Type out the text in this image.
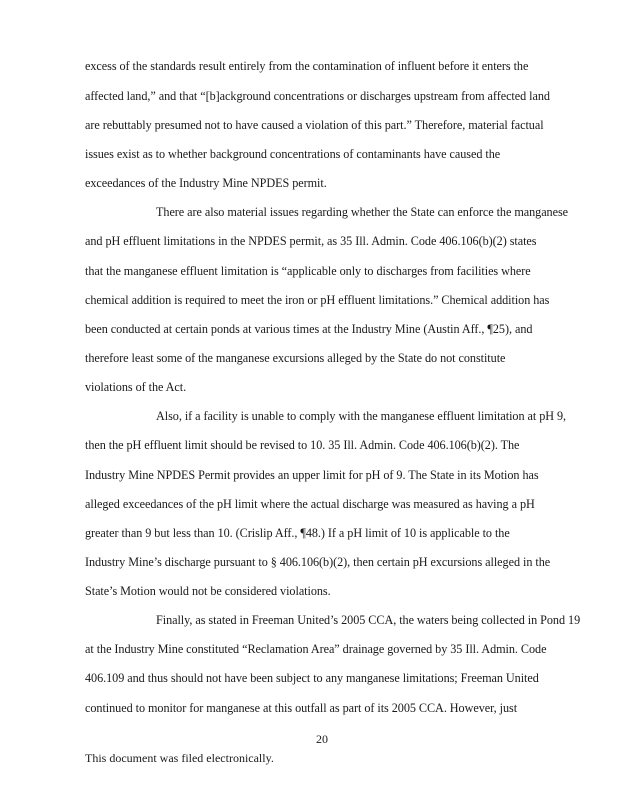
excess of the standards result entirely from the contamination of influent before it enters the
affected land,” and that “[b]ackground concentrations or discharges upstream from affected land
are rebuttably presumed not to have caused a violation of this part.” Therefore, material factual
issues exist as to whether background concentrations of contaminants have caused the
exceedances of the Industry Mine NPDES permit.
There are also material issues regarding whether the State can enforce the manganese
and pH effluent limitations in the NPDES permit, as 35 Ill. Admin. Code 406.106(b)(2) states
that the manganese effluent limitation is “applicable only to discharges from facilities where
chemical addition is required to meet the iron or pH effluent limitations.” Chemical addition has
been conducted at certain ponds at various times at the Industry Mine (Austin Aff., ¶25), and
therefore least some of the manganese excursions alleged by the State do not constitute
violations of the Act.
Also, if a facility is unable to comply with the manganese effluent limitation at pH 9,
then the pH effluent limit should be revised to 10. 35 Ill. Admin. Code 406.106(b)(2). The
Industry Mine NPDES Permit provides an upper limit for pH of 9. The State in its Motion has
alleged exceedances of the pH limit where the actual discharge was measured as having a pH
greater than 9 but less than 10. (Crislip Aff., ¶48.) If a pH limit of 10 is applicable to the
Industry Mine’s discharge pursuant to § 406.106(b)(2), then certain pH excursions alleged in the
State’s Motion would not be considered violations.
Finally, as stated in Freeman United’s 2005 CCA, the waters being collected in Pond 19
at the Industry Mine constituted “Reclamation Area” drainage governed by 35 Ill. Admin. Code
406.109 and thus should not have been subject to any manganese limitations; Freeman United
continued to monitor for manganese at this outfall as part of its 2005 CCA. However, just
20
This document was filed electronically.
